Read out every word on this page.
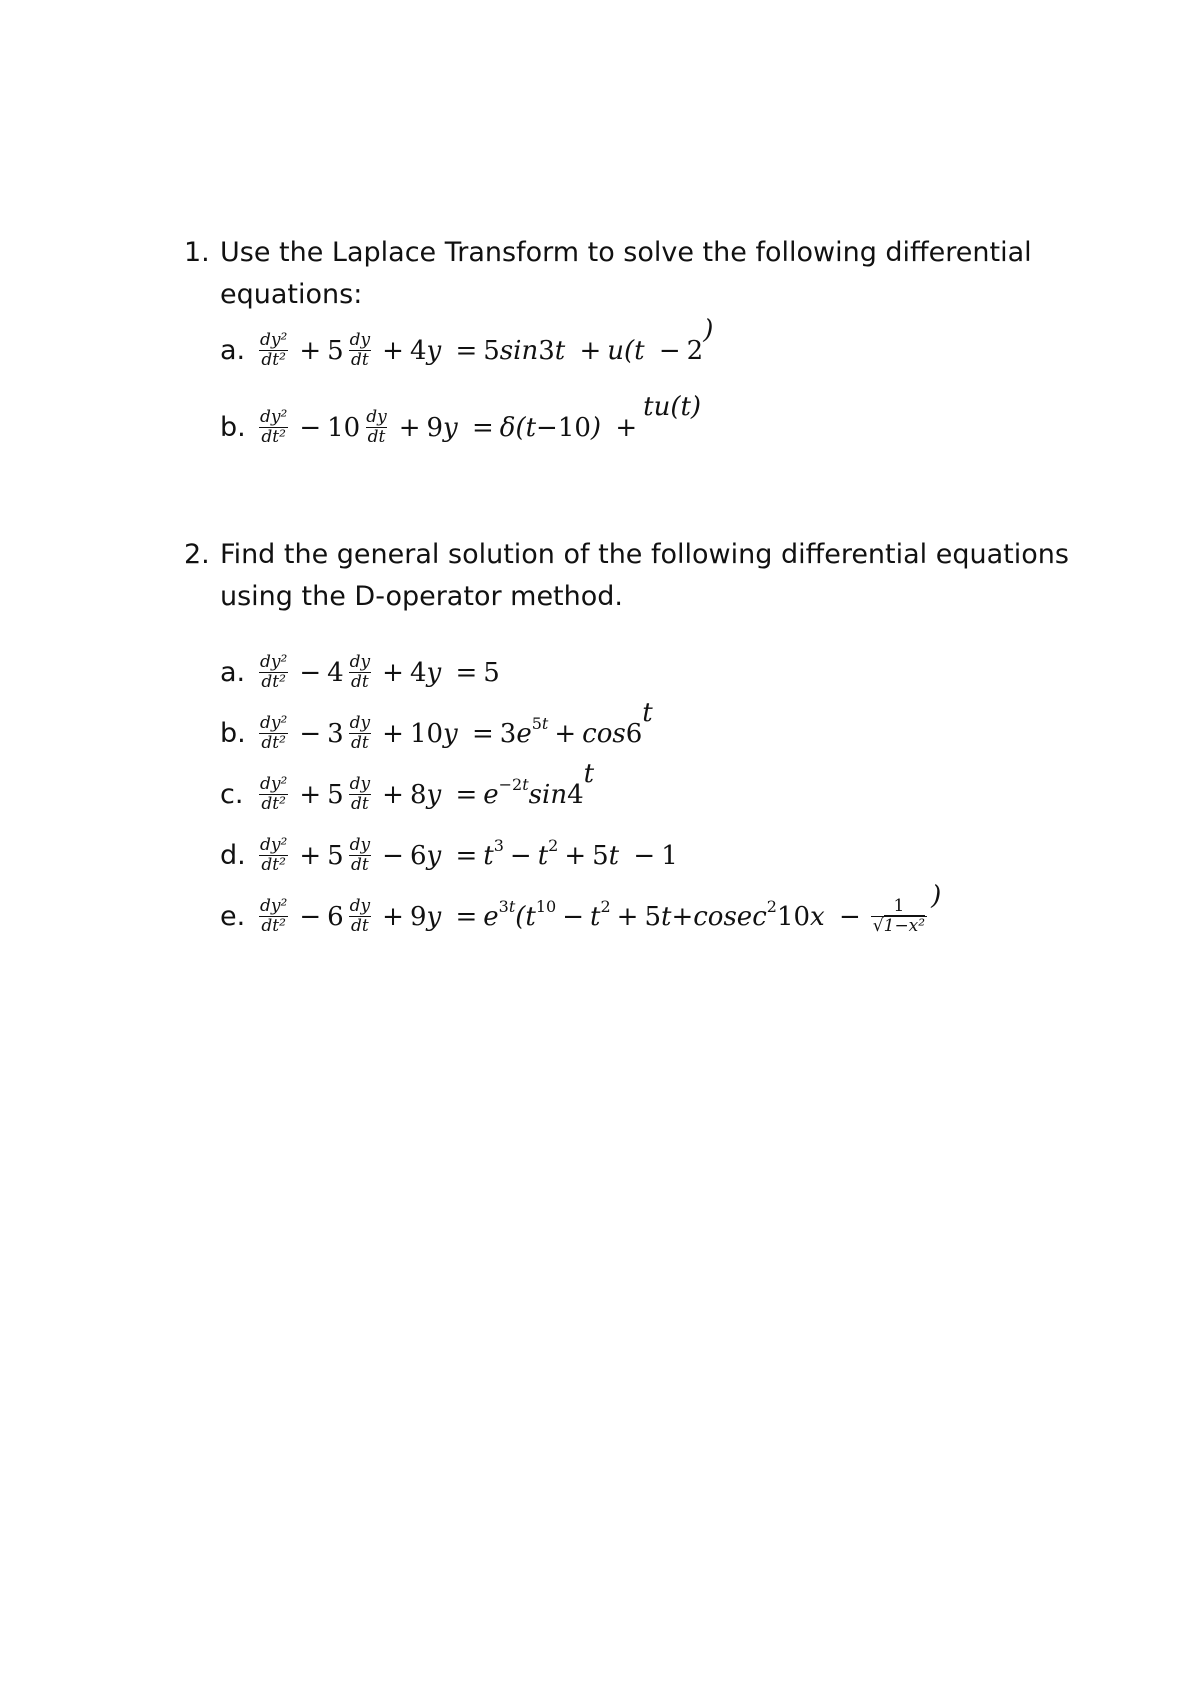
1. Use the Laplace Transform to solve the following differential equations:
a. $\frac{\text{dy²}}{\text{dt²}} + 5 \frac{dy}{dt} + 4$ y = 5 sin 3 t + u(t − 2
)

b. $\frac{\text{dy²}}{\text{dt²}} - 10 \frac{dy}{dt} + 9$ y = δ(t− 10 ) +
tu(t)

2. Find the general solution of the following differential equations using the D-operator method.
a. $\frac{\text{dy²}}{\text{dt²}} - 4 \frac{dy}{dt} + 4$ y = 5
b. $\frac{\text{dy²}}{\text{dt²}} - 3 \frac{dy}{dt} + 10$ y = 3 e 5t + cos 6
t

c. $\frac{\text{dy²}}{\text{dt²}} + 5 \frac{dy}{dt} + 8$ y = e −2t sin 4
t

d. $\frac{\text{dy²}}{\text{dt²}} + 5 \frac{dy}{dt} - 6$ y = t 3 − t 2 + 5 t − 1
e. $\frac{\text{dy²}}{\text{dt²}} - 6 \frac{dy}{dt} + 9$ y = e 3t (t 10 − t 2 + 5 t + cosec 2 10 $x - \frac{1}{\text{√1−x²}}$
)
